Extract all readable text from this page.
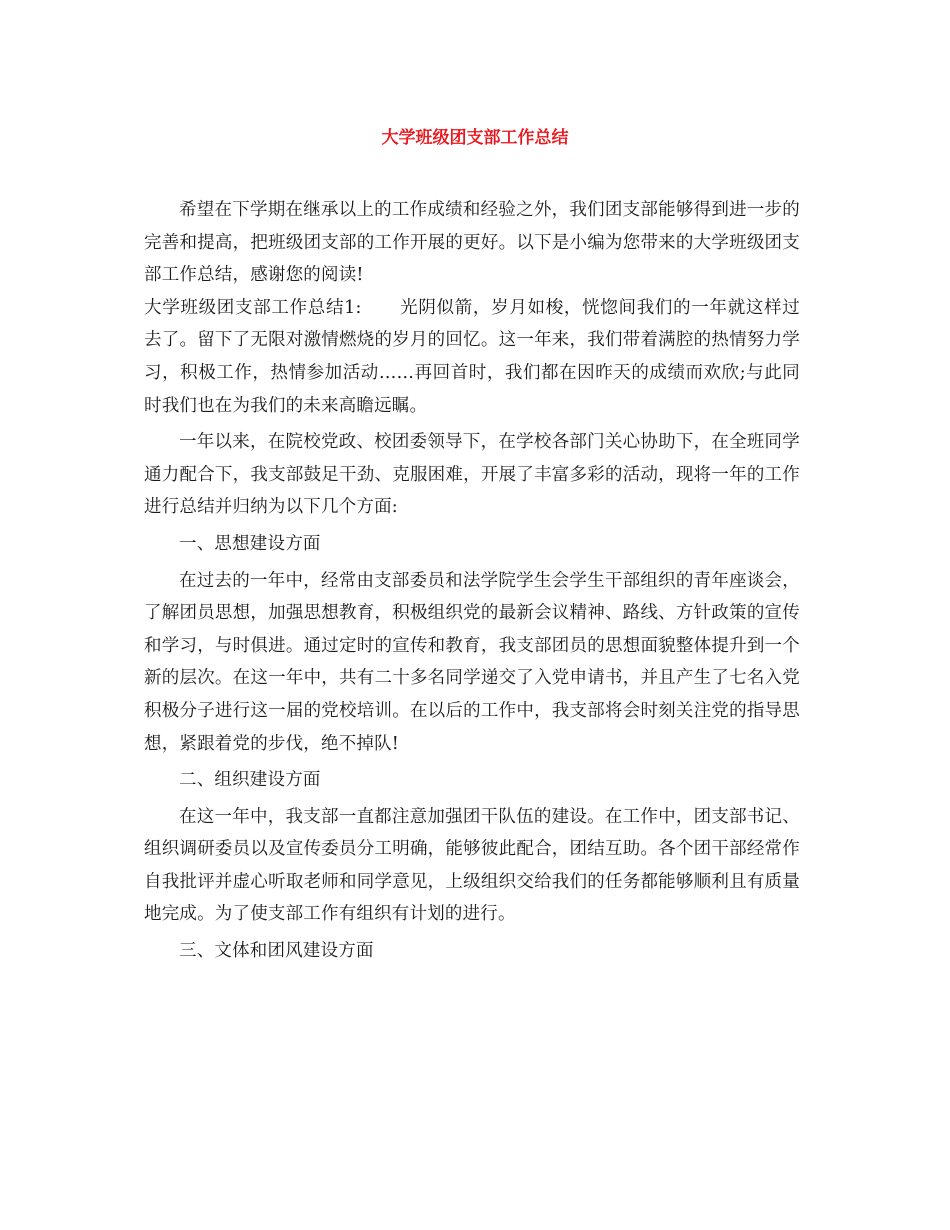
大学班级团支部工作总结

希望在下学期在继承以上的工作成绩和经验之外，我们团支部能够得到进一步的完善和提高，把班级团支部的工作开展的更好。以下是小编为您带来的大学班级团支部工作总结，感谢您的阅读!

大学班级团支部工作总结1: 光阴似箭，岁月如梭，恍惚间我们的一年就这样过去了。留下了无限对激情燃烧的岁月的回忆。这一年来，我们带着满腔的热情努力学习，积极工作，热情参加活动……再回首时，我们都在因昨天的成绩而欢欣;与此同时我们也在为我们的未来高瞻远瞩。

一年以来，在院校党政、校团委领导下，在学校各部门关心协助下，在全班同学通力配合下，我支部鼓足干劲、克服困难，开展了丰富多彩的活动，现将一年的工作进行总结并归纳为以下几个方面:

一、思想建设方面

在过去的一年中，经常由支部委员和法学院学生会学生干部组织的青年座谈会，了解团员思想，加强思想教育，积极组织党的最新会议精神、路线、方针政策的宣传和学习，与时俱进。通过定时的宣传和教育，我支部团员的思想面貌整体提升到一个新的层次。在这一年中，共有二十多名同学递交了入党申请书，并且产生了七名入党积极分子进行这一届的党校培训。在以后的工作中，我支部将会时刻关注党的指导思想，紧跟着党的步伐，绝不掉队!

二、组织建设方面

在这一年中，我支部一直都注意加强团干队伍的建设。在工作中，团支部书记、组织调研委员以及宣传委员分工明确，能够彼此配合，团结互助。各个团干部经常作自我批评并虚心听取老师和同学意见，上级组织交给我们的任务都能够顺利且有质量地完成。为了使支部工作有组织有计划的进行。

三、文体和团风建设方面
